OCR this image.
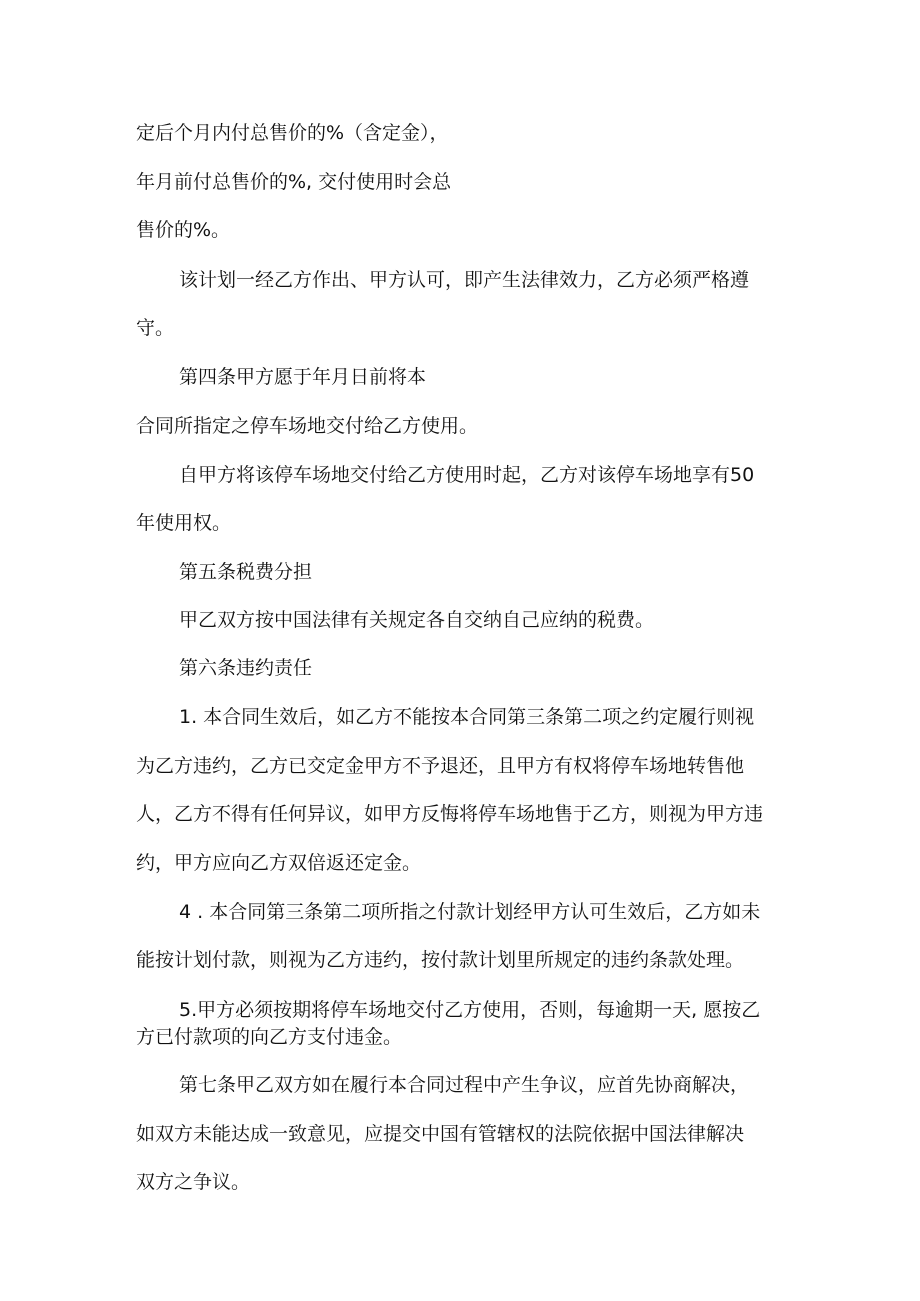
定后个月内付总售价的%（含定金），
年月前付总售价的%, 交付使用时会总
售价的%。
该计划一经乙方作出、甲方认可，即产生法律效力，乙方必须严格遵
守。
第四条甲方愿于年月日前将本
合同所指定之停车场地交付给乙方使用。
自甲方将该停车场地交付给乙方使用时起，乙方对该停车场地享有50
年使用权。
第五条税费分担
甲乙双方按中国法律有关规定各自交纳自己应纳的税费。
第六条违约责任
1. 本合同生效后，如乙方不能按本合同第三条第二项之约定履行则视
为乙方违约，乙方已交定金甲方不予退还，且甲方有权将停车场地转售他
人，乙方不得有任何异议，如甲方反悔将停车场地售于乙方，则视为甲方违
约，甲方应向乙方双倍返还定金。
4 . 本合同第三条第二项所指之付款计划经甲方认可生效后，乙方如未
能按计划付款，则视为乙方违约，按付款计划里所规定的违约条款处理。
5.甲方必须按期将停车场地交付乙方使用，否则，每逾期一天, 愿按乙
方已付款项的向乙方支付违金。
第七条甲乙双方如在履行本合同过程中产生争议，应首先协商解决，
如双方未能达成一致意见，应提交中国有管辖权的法院依据中国法律解决
双方之争议。
